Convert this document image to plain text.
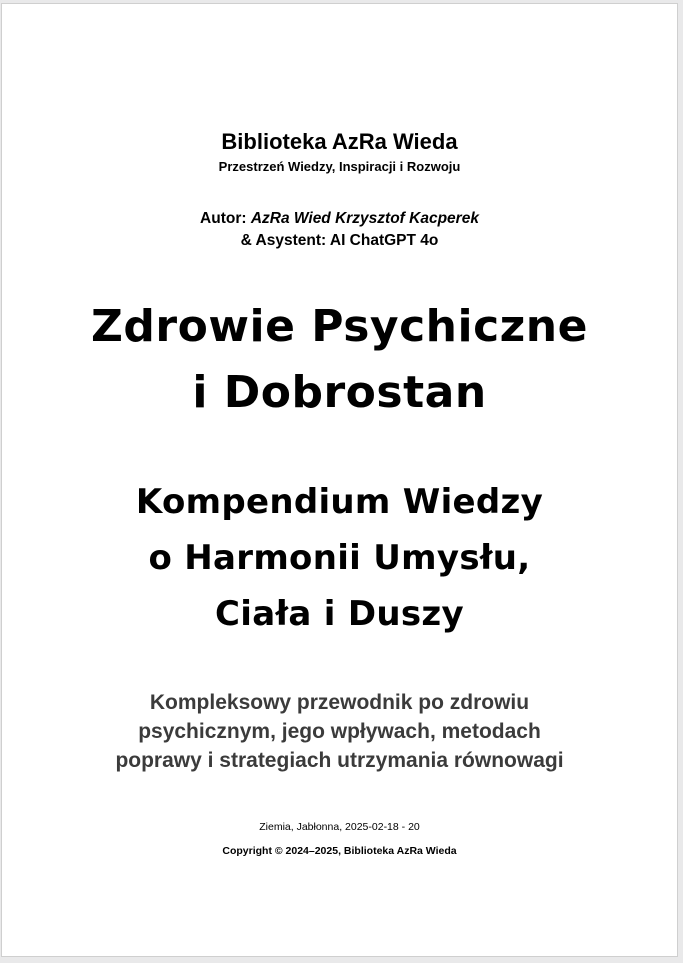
Biblioteka AzRa Wieda
Przestrzeń Wiedzy, Inspiracji i Rozwoju
Autor: AzRa Wied Krzysztof Kacperek
& Asystent: AI ChatGPT 4o
Zdrowie Psychiczne
i Dobrostan
Kompendium Wiedzy
o Harmonii Umysłu,
Ciała i Duszy
Kompleksowy przewodnik po zdrowiu
psychicznym, jego wpływach, metodach
poprawy i strategiach utrzymania równowagi
Ziemia, Jabłonna, 2025-02-18 - 20
Copyright © 2024–2025, Biblioteka AzRa Wieda
